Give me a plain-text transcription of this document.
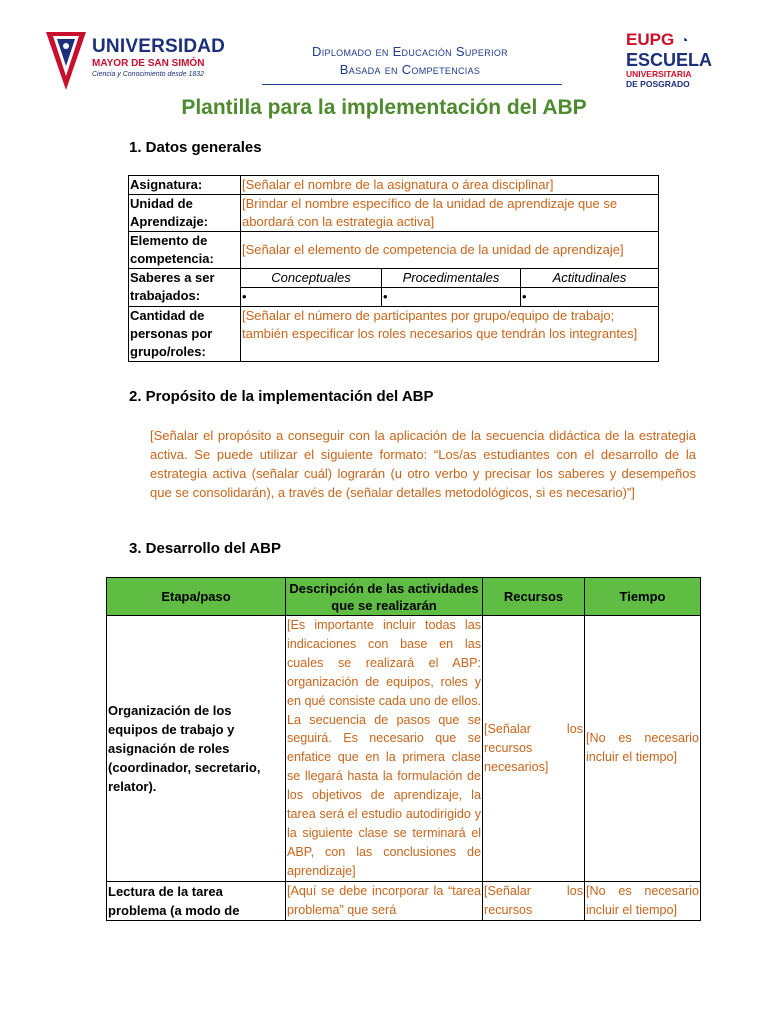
UNIVERSIDAD
MAYOR DE SAN SIMÓN
Ciencia y Conocimiento desde 1832
Diplomado en Educación Superior
Basada en Competencias
EUPG ◔
ESCUELA
UNIVERSITARIA
DE POSGRADO
Plantilla para la implementación del ABP
1. Datos generales
Asignatura:	[Señalar el nombre de la asignatura o área disciplinar]		
Unidad de Aprendizaje:	[Brindar el nombre específico de la unidad de aprendizaje que se abordará con la estrategia activa]		
Elemento de competencia:	[Señalar el elemento de competencia de la unidad de aprendizaje]		
Saberes a ser trabajados:	Conceptuales	Procedimentales	Actitudinales
	•	•	•
Cantidad de personas por grupo/roles:	[Señalar el número de participantes por grupo/equipo de trabajo; también especificar los roles necesarios que tendrán los integrantes]		
2. Propósito de la implementación del ABP
[Señalar el propósito a conseguir con la aplicación de la secuencia didáctica de la estrategia activa. Se puede utilizar el siguiente formato: “Los/as estudiantes con el desarrollo de la estrategia activa (señalar cuál) lograrán (u otro verbo y precisar los saberes y desempeños que se consolidarán), a través de (señalar detalles metodológicos, si es necesario)”]
3. Desarrollo del ABP
Etapa/paso	Descripción de las actividades que se realizarán	Recursos	Tiempo
Organización de los equipos de trabajo y asignación de roles (coordinador, secretario, relator).	[Es importante incluir todas las indicaciones con base en las cuales se realizará el ABP: organización de equipos, roles y en qué consiste cada uno de ellos. La secuencia de pasos que se seguirá. Es necesario que se enfatice que en la primera clase se llegará hasta la formulación de los objetivos de aprendizaje, la tarea será el estudio autodirigido y la siguiente clase se terminará el ABP, con las conclusiones de aprendizaje]	[Señalar los recursos necesarios]	[No es necesario incluir el tiempo]
Lectura de la tarea problema (a modo de	[Aquí se debe incorporar la “tarea problema” que será	[Señalar los recursos	[No es necesario incluir el tiempo]
